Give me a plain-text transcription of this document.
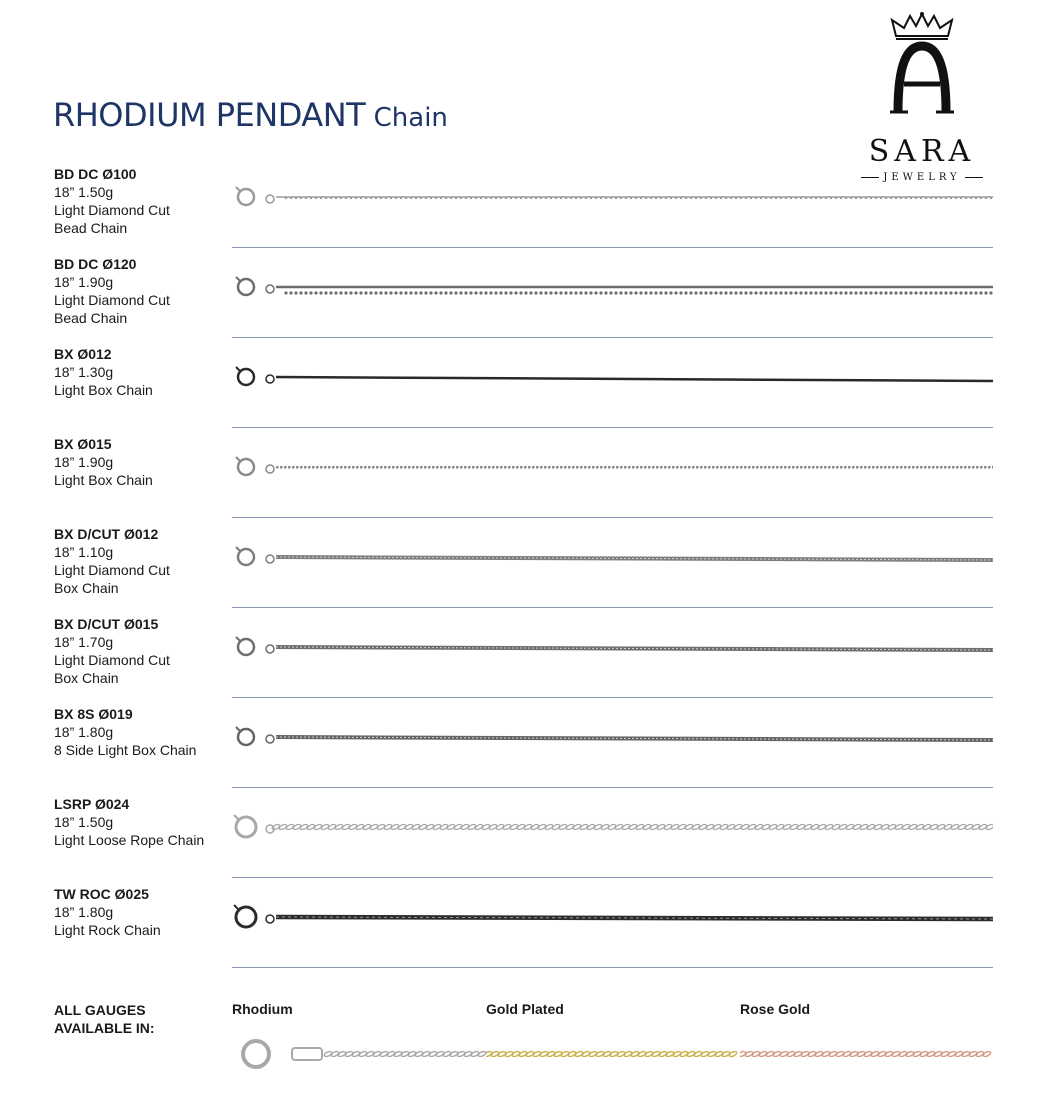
RHODIUM PENDANT Chain
SARA
JEWELRY
BD DC Ø100
18” 1.50g
Light Diamond Cut
Bead Chain
BD DC Ø120
18” 1.90g
Light Diamond Cut
Bead Chain
BX Ø012
18” 1.30g
Light Box Chain
BX Ø015
18” 1.90g
Light Box Chain
BX D/CUT Ø012
18” 1.10g
Light Diamond Cut
Box Chain
BX D/CUT Ø015
18” 1.70g
Light Diamond Cut
Box Chain
BX 8S Ø019
18” 1.80g
8 Side Light Box Chain
LSRP Ø024
18” 1.50g
Light Loose Rope Chain
TW ROC Ø025
18” 1.80g
Light Rock Chain
ALL GAUGES
AVAILABLE IN:
Rhodium	Gold Plated	Rose Gold
